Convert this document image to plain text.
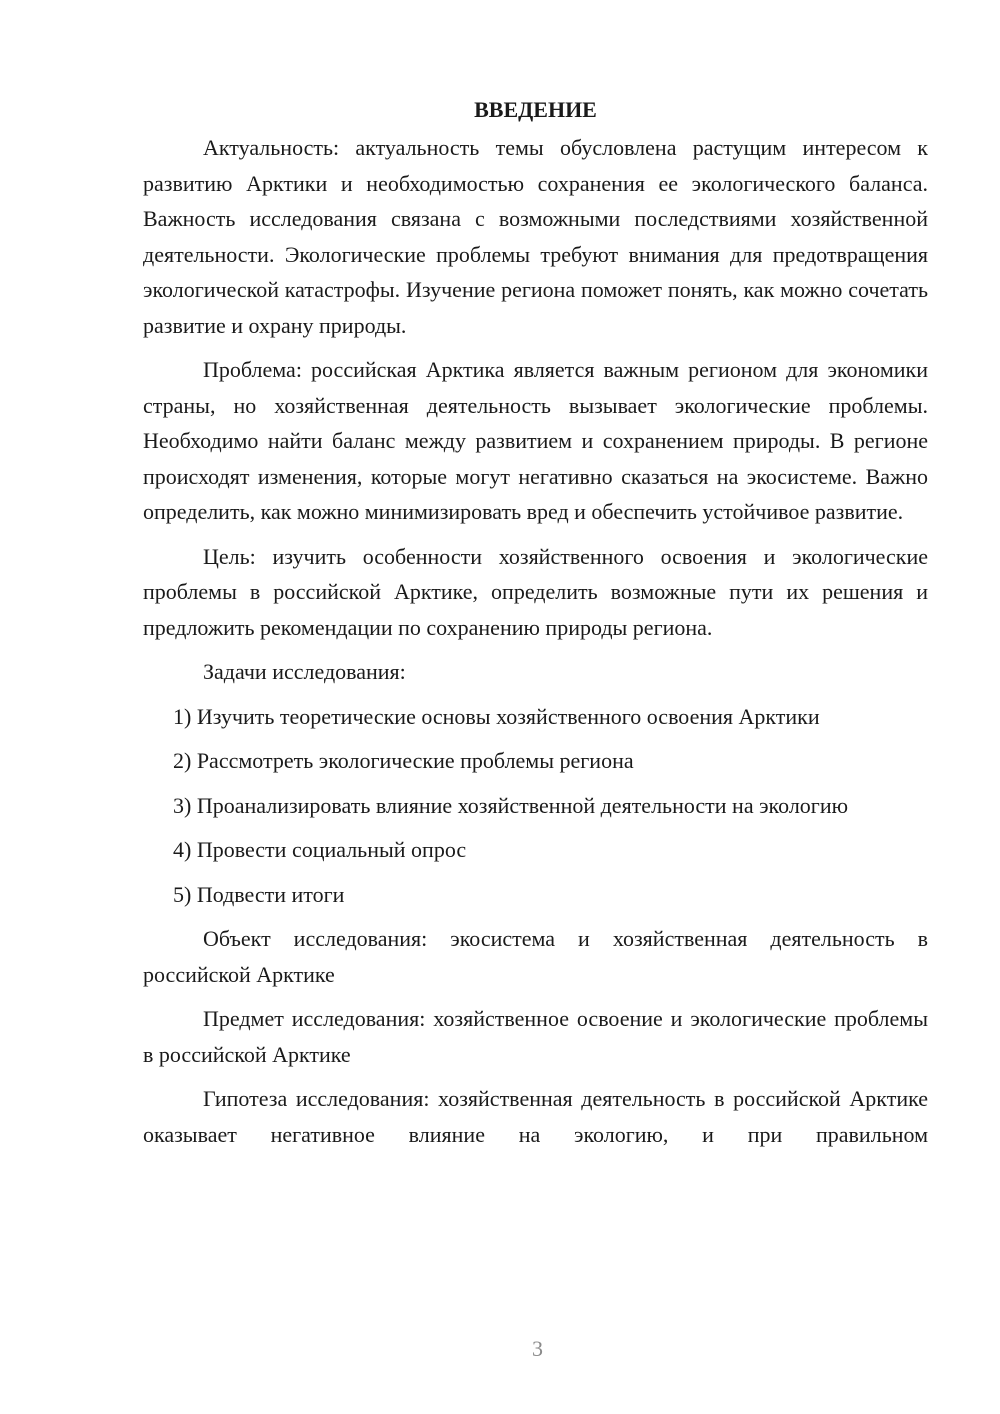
ВВЕДЕНИЕ

Актуальность: актуальность темы обусловлена растущим интересом к развитию Арктики и необходимостью сохранения ее экологического баланса. Важность исследования связана с возможными последствиями хозяйственной деятельности. Экологические проблемы требуют внимания для предотвращения экологической катастрофы. Изучение региона поможет понять, как можно сочетать развитие и охрану природы.

Проблема: российская Арктика является важным регионом для экономики страны, но хозяйственная деятельность вызывает экологические проблемы. Необходимо найти баланс между развитием и сохранением природы. В регионе происходят изменения, которые могут негативно сказаться на экосистеме. Важно определить, как можно минимизировать вред и обеспечить устойчивое развитие.

Цель: изучить особенности хозяйственного освоения и экологические проблемы в российской Арктике, определить возможные пути их решения и предложить рекомендации по сохранению природы региона.

Задачи исследования:

1) Изучить теоретические основы хозяйственного освоения Арктики

2) Рассмотреть экологические проблемы региона

3) Проанализировать влияние хозяйственной деятельности на экологию

4) Провести социальный опрос

5) Подвести итоги

Объект исследования: экосистема и хозяйственная деятельность в российской Арктике

Предмет исследования: хозяйственное освоение и экологические проблемы в российской Арктике

Гипотеза исследования: хозяйственная деятельность в российской Арктике оказывает негативное влияние на экологию, и при правильном

3
